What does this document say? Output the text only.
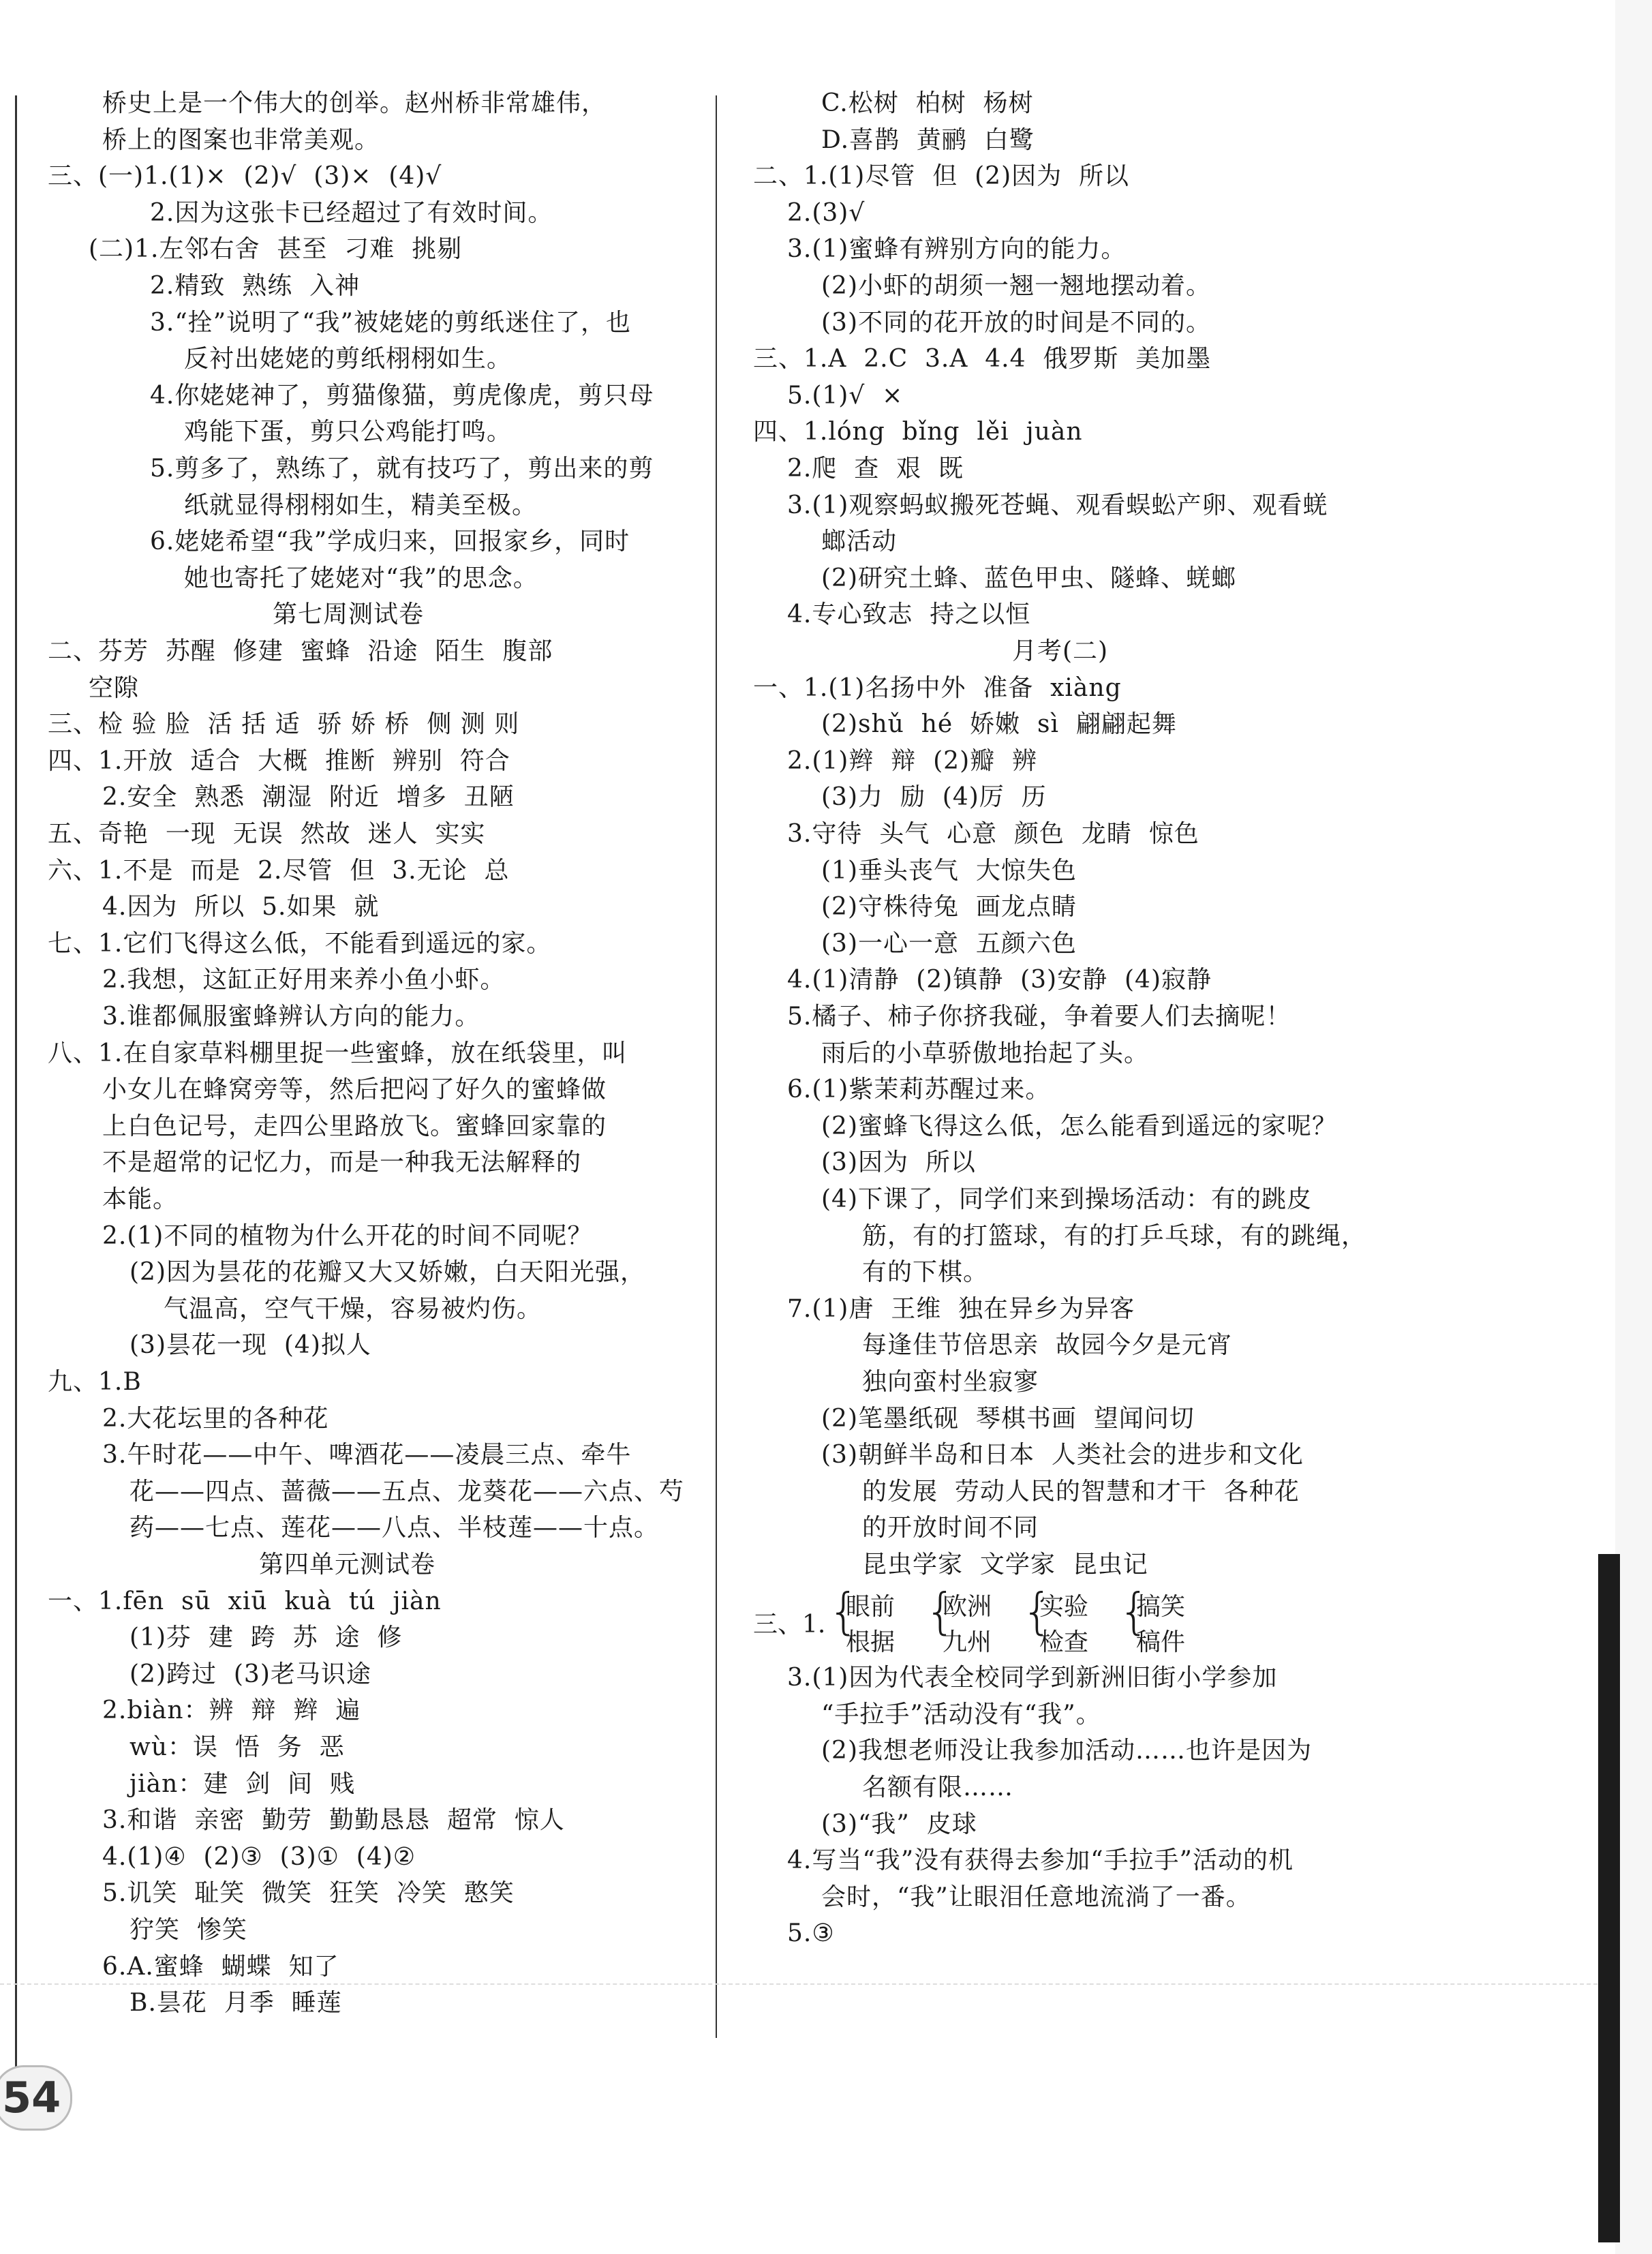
桥史上是一个伟大的创举。赵州桥非常雄伟，
桥上的图案也非常美观。
三、(一)1.(1)×  (2)√  (3)×  (4)√
2.因为这张卡已经超过了有效时间。
(二)1.左邻右舍  甚至  刁难  挑剔
2.精致  熟练  入神
3.“拴”说明了“我”被姥姥的剪纸迷住了，也
反衬出姥姥的剪纸栩栩如生。
4.你姥姥神了，剪猫像猫，剪虎像虎，剪只母
鸡能下蛋，剪只公鸡能打鸣。
5.剪多了，熟练了，就有技巧了，剪出来的剪
纸就显得栩栩如生，精美至极。
6.姥姥希望“我”学成归来，回报家乡，同时
她也寄托了姥姥对“我”的思念。
第七周测试卷
二、芬芳  苏醒  修建  蜜蜂  沿途  陌生  腹部
空隙
三、检 验 脸  活 括 适  骄 娇 桥  侧 测 则
四、1.开放  适合  大概  推断  辨别  符合
2.安全  熟悉  潮湿  附近  增多  丑陋
五、奇艳  一现  无误  然故  迷人  实实
六、1.不是  而是  2.尽管  但  3.无论  总
4.因为  所以  5.如果  就
七、1.它们飞得这么低，不能看到遥远的家。
2.我想，这缸正好用来养小鱼小虾。
3.谁都佩服蜜蜂辨认方向的能力。
八、1.在自家草料棚里捉一些蜜蜂，放在纸袋里，叫
小女儿在蜂窝旁等，然后把闷了好久的蜜蜂做
上白色记号，走四公里路放飞。蜜蜂回家靠的
不是超常的记忆力，而是一种我无法解释的
本能。
2.(1)不同的植物为什么开花的时间不同呢？
(2)因为昙花的花瓣又大又娇嫩，白天阳光强，
气温高，空气干燥，容易被灼伤。
(3)昙花一现  (4)拟人
九、1.B
2.大花坛里的各种花
3.午时花——中午、啤酒花——凌晨三点、牵牛
花——四点、蔷薇——五点、龙葵花——六点、芍
药——七点、莲花——八点、半枝莲——十点。
第四单元测试卷
一、1.fēn  sū  xiū  kuà  tú  jiàn
(1)芬  建  跨  苏  途  修
(2)跨过  (3)老马识途
2.biàn：辨  辩  辫  遍
wù：误  悟  务  恶
jiàn：建  剑  间  贱
3.和谐  亲密  勤劳  勤勤恳恳  超常  惊人
4.(1)④  (2)③  (3)①  (4)②
5.讥笑  耻笑  微笑  狂笑  冷笑  憨笑
狞笑  惨笑
6.A.蜜蜂  蝴蝶  知了
B.昙花  月季  睡莲
C.松树  柏树  杨树
D.喜鹊  黄鹂  白鹭
二、1.(1)尽管  但  (2)因为  所以
2.(3)√
3.(1)蜜蜂有辨别方向的能力。
(2)小虾的胡须一翘一翘地摆动着。
(3)不同的花开放的时间是不同的。
三、1.A  2.C  3.A  4.4  俄罗斯  美加墨
5.(1)√  ×
四、1.lóng  bǐng  lěi  juàn
2.爬  查  艰  既
3.(1)观察蚂蚁搬死苍蝇、观看蜈蚣产卵、观看蜣
螂活动
(2)研究土蜂、蓝色甲虫、隧蜂、蜣螂
4.专心致志  持之以恒
月考(二)
一、1.(1)名扬中外  准备  xiàng
(2)shǔ  hé  娇嫩  sì  翩翩起舞
2.(1)辫  辩  (2)瓣  辨
(3)力  励  (4)厉  历
3.守待  头气  心意  颜色  龙睛  惊色
(1)垂头丧气  大惊失色
(2)守株待兔  画龙点睛
(3)一心一意  五颜六色
4.(1)清静  (2)镇静  (3)安静  (4)寂静
5.橘子、柿子你挤我碰，争着要人们去摘呢！
雨后的小草骄傲地抬起了头。
6.(1)紫茉莉苏醒过来。
(2)蜜蜂飞得这么低，怎么能看到遥远的家呢？
(3)因为  所以
(4)下课了，同学们来到操场活动：有的跳皮
筋，有的打篮球，有的打乒乓球，有的跳绳，
有的下棋。
7.(1)唐  王维  独在异乡为异客
每逢佳节倍思亲  故园今夕是元宵
独向蛮村坐寂寥
(2)笔墨纸砚  琴棋书画  望闻问切
(3)朝鲜半岛和日本  人类社会的进步和文化
的发展  劳动人民的智慧和才干  各种花
的开放时间不同
昆虫学家  文学家  昆虫记
三、1. {
眼前
根据
{
欧洲
九州
{
实验
检查
{
搞笑
稿件
3.(1)因为代表全校同学到新洲旧街小学参加
“手拉手”活动没有“我”。
(2)我想老师没让我参加活动……也许是因为
名额有限……
(3)“我”  皮球
4.写当“我”没有获得去参加“手拉手”活动的机
会时，“我”让眼泪任意地流淌了一番。
5.③
54
